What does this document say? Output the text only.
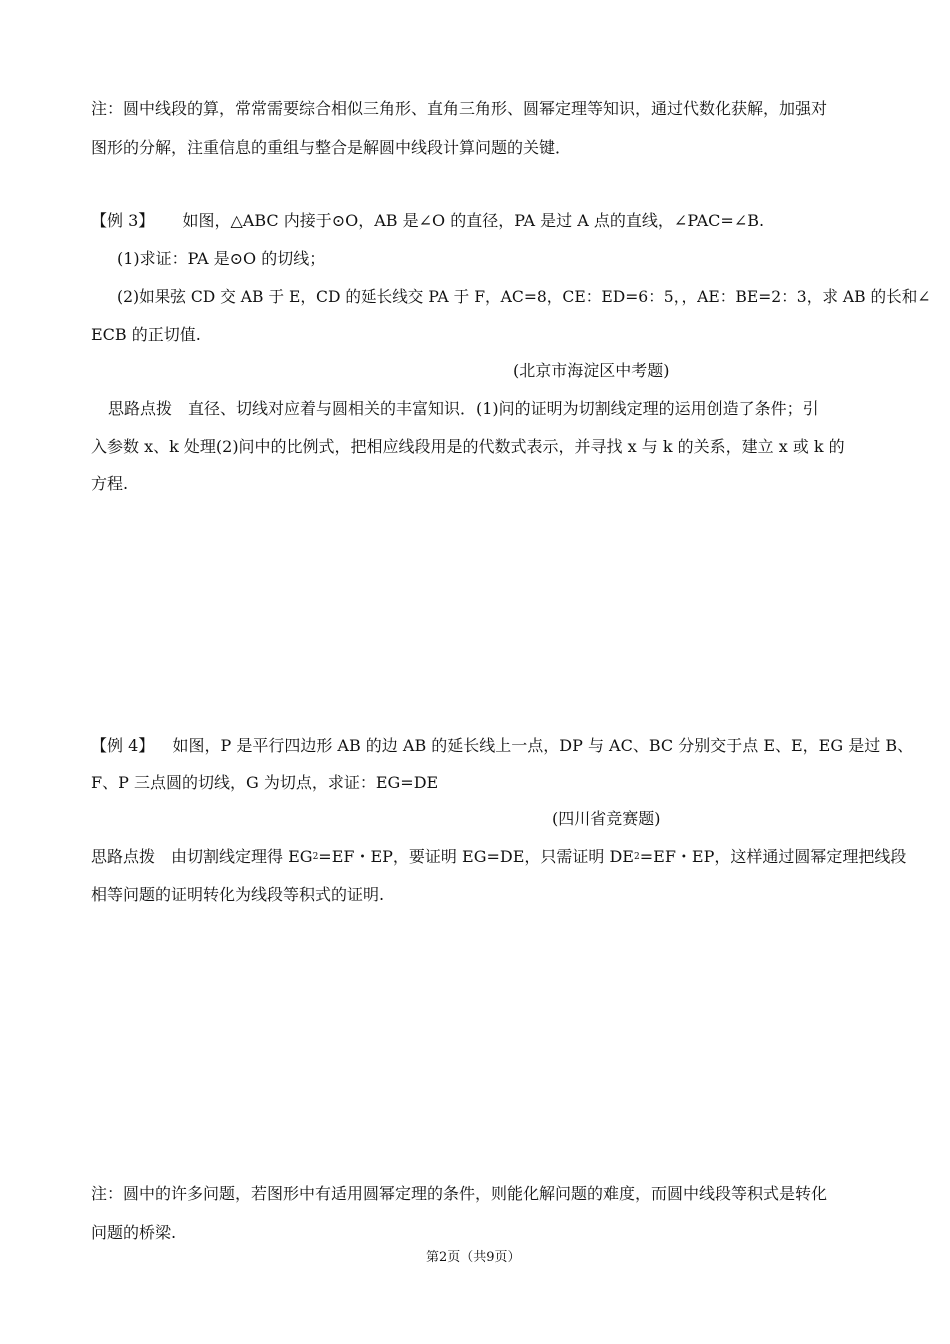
注：圆中线段的算，常常需要综合相似三角形、直角三角形、圆幂定理等知识，通过代数化获解，加强对
图形的分解，注重信息的重组与整合是解圆中线段计算问题的关键．
【例 3】 如图，△ABC 内接于⊙O，AB 是∠O 的直径，PA 是过 A 点的直线，∠PAC=∠B.
(1)求证：PA 是⊙O 的切线；
(2)如果弦 CD 交 AB 于 E，CD 的延长线交 PA 于 F，AC=8，CE：ED=6：5，，AE：BE=2：3，求 AB 的长和∠
ECB 的正切值.
(北京市海淀区中考题)
思路点拨　直径、切线对应着与圆相关的丰富知识．(1)问的证明为切割线定理的运用创造了条件；引
入参数 x、k 处理(2)问中的比例式，把相应线段用是的代数式表示，并寻找 x 与 k 的关系，建立 x 或 k 的
方程.
【例 4】 如图，P 是平行四边形 AB 的边 AB 的延长线上一点，DP 与 AC、BC 分别交于点 E、E，EG 是过 B、
F、P 三点圆的切线，G 为切点，求证：EG=DE
(四川省竞赛题)
思路点拨　由切割线定理得 $EG^2=EF$・EP，要证明 EG=DE，只需证明 $DE^2=EF$・EP，这样通过圆幂定理把线段
相等问题的证明转化为线段等积式的证明.
注：圆中的许多问题，若图形中有适用圆幂定理的条件，则能化解问题的难度，而圆中线段等积式是转化
问题的桥梁.
第2页（共9页）
